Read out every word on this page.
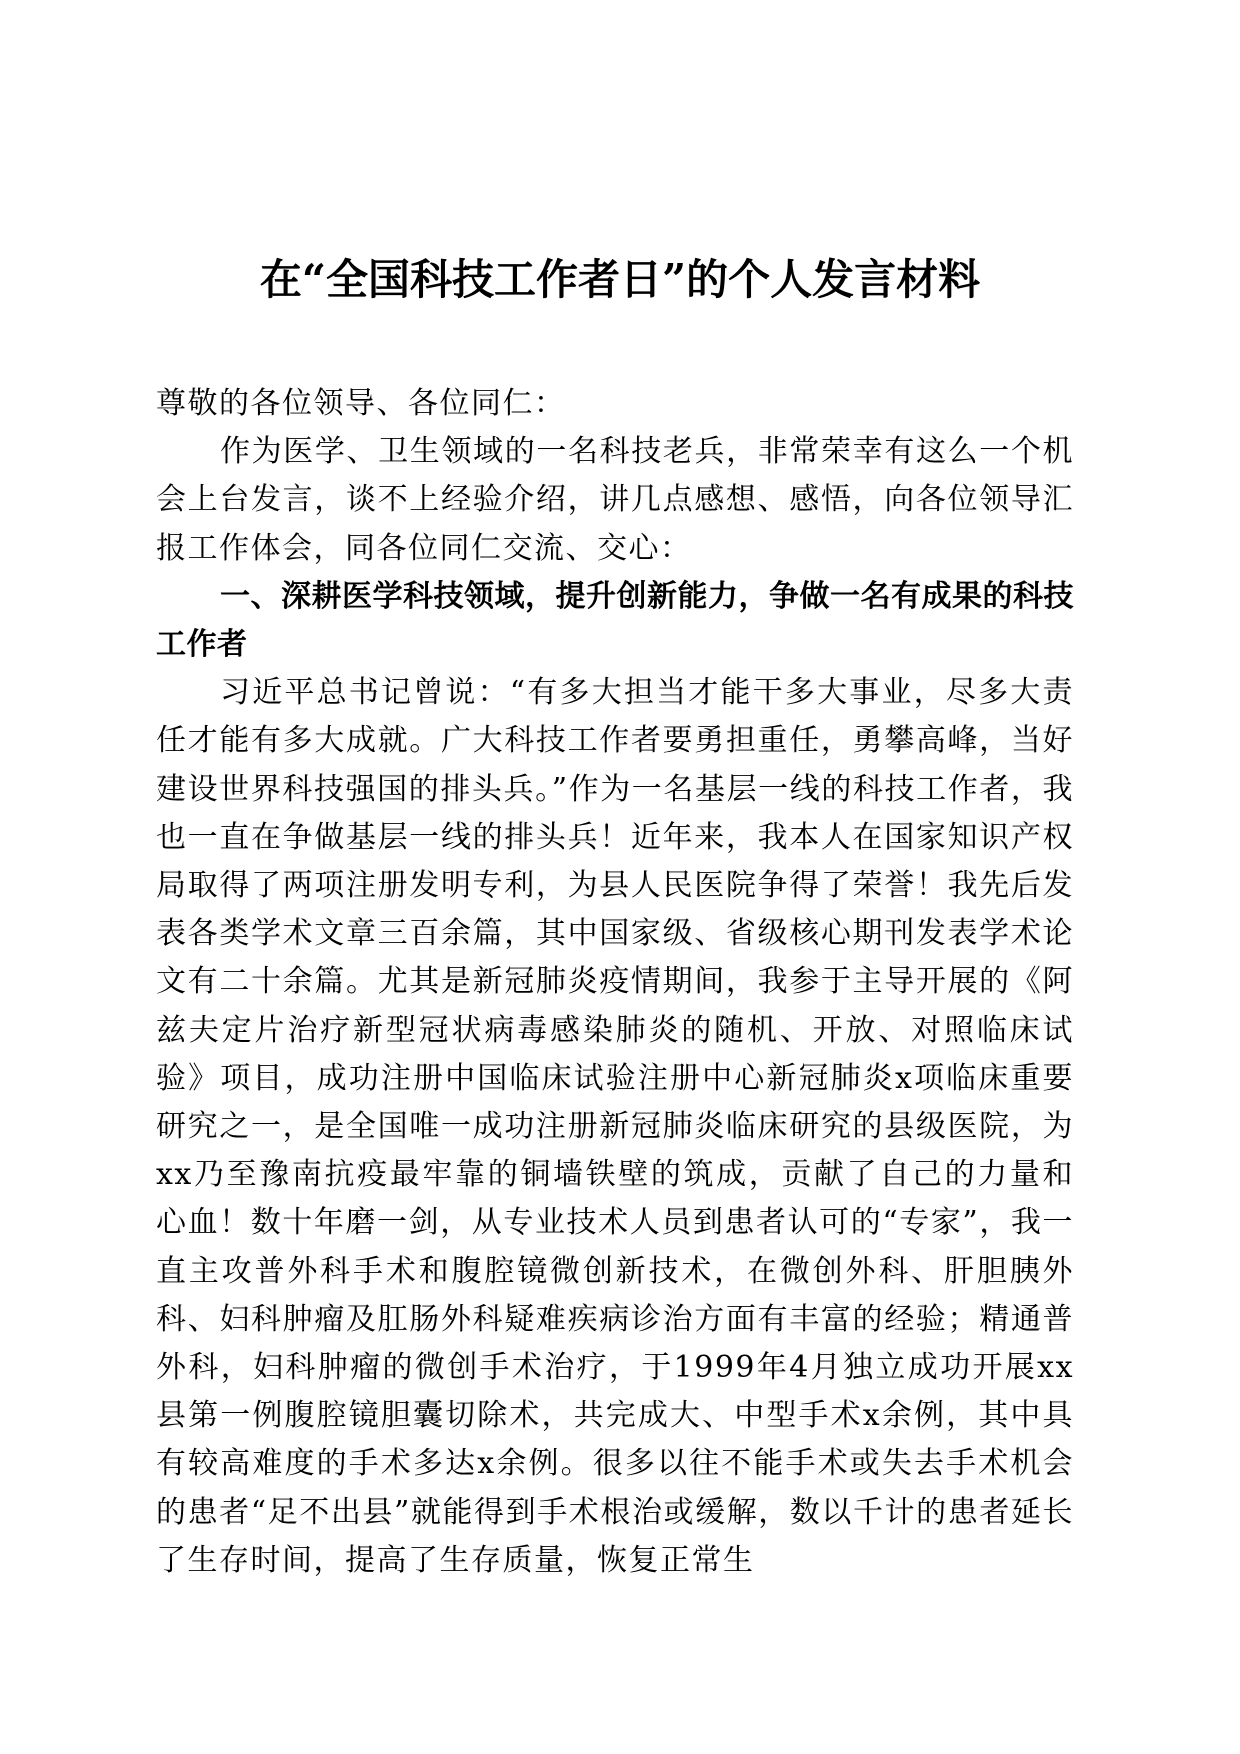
在“全国科技工作者日”的个人发言材料

尊敬的各位领导、各位同仁：

作为医学、卫生领域的一名科技老兵，非常荣幸有这么一个机会上台发言，谈不上经验介绍，讲几点感想、感悟，向各位领导汇报工作体会，同各位同仁交流、交心：

一、深耕医学科技领域，提升创新能力，争做一名有成果的科技工作者

习近平总书记曾说：“有多大担当才能干多大事业，尽多大责任才能有多大成就。广大科技工作者要勇担重任，勇攀高峰，当好建设世界科技强国的排头兵。”作为一名基层一线的科技工作者，我也一直在争做基层一线的排头兵！近年来，我本人在国家知识产权局取得了两项注册发明专利，为县人民医院争得了荣誉！我先后发表各类学术文章三百余篇，其中国家级、省级核心期刊发表学术论文有二十余篇。尤其是新冠肺炎疫情期间，我参于主导开展的《阿兹夫定片治疗新型冠状病毒感染肺炎的随机、开放、对照临床试验》项目，成功注册中国临床试验注册中心新冠肺炎x项临床重要研究之一，是全国唯一成功注册新冠肺炎临床研究的县级医院，为xx乃至豫南抗疫最牢靠的铜墙铁壁的筑成，贡献了自己的力量和心血！数十年磨一剑，从专业技术人员到患者认可的“专家”，我一直主攻普外科手术和腹腔镜微创新技术，在微创外科、肝胆胰外科、妇科肿瘤及肛肠外科疑难疾病诊治方面有丰富的经验；精通普外科，妇科肿瘤的微创手术治疗，于1999年4月独立成功开展xx县第一例腹腔镜胆囊切除术，共完成大、中型手术x余例，其中具有较高难度的手术多达x余例。很多以往不能手术或失去手术机会的患者“足不出县”就能得到手术根治或缓解，数以千计的患者延长了生存时间，提高了生存质量，恢复正常生
